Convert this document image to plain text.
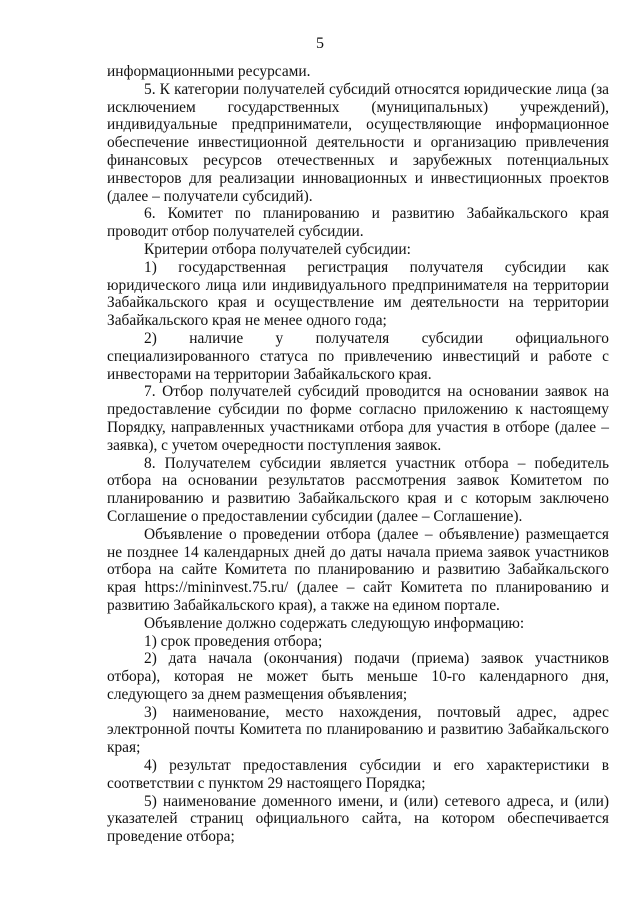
5

информационными ресурсами.

5. К категории получателей субсидий относятся юридические лица (за исключением государственных (муниципальных) учреждений), индивидуальные предприниматели, осуществляющие информационное обеспечение инвестиционной деятельности и организацию привлечения финансовых ресурсов отечественных и зарубежных потенциальных инвесторов для реализации инновационных и инвестиционных проектов (далее – получатели субсидий).

6. Комитет по планированию и развитию Забайкальского края проводит отбор получателей субсидии.

Критерии отбора получателей субсидии:

1) государственная регистрация получателя субсидии как юридического лица или индивидуального предпринимателя на территории Забайкальского края и осуществление им деятельности на территории Забайкальского края не менее одного года;

2) наличие у получателя субсидии официального специализированного статуса по привлечению инвестиций и работе с инвесторами на территории Забайкальского края.

7. Отбор получателей субсидий проводится на основании заявок на предоставление субсидии по форме согласно приложению к настоящему Порядку, направленных участниками отбора для участия в отборе (далее – заявка), с учетом очередности поступления заявок.

8. Получателем субсидии является участник отбора – победитель отбора на основании результатов рассмотрения заявок Комитетом по планированию и развитию Забайкальского края и с которым заключено Соглашение о предоставлении субсидии (далее – Соглашение).

Объявление о проведении отбора (далее – объявление) размещается не позднее 14 календарных дней до даты начала приема заявок участников отбора на сайте Комитета по планированию и развитию Забайкальского края https://mininvest.75.ru/ (далее – сайт Комитета по планированию и развитию Забайкальского края), а также на едином портале.

Объявление должно содержать следующую информацию:

1) срок проведения отбора;

2) дата начала (окончания) подачи (приема) заявок участников отбора), которая не может быть меньше 10-го календарного дня, следующего за днем размещения объявления;

3) наименование, место нахождения, почтовый адрес, адрес электронной почты Комитета по планированию и развитию Забайкальского края;

4) результат предоставления субсидии и его характеристики в соответствии с пунктом 29 настоящего Порядка;

5) наименование доменного имени, и (или) сетевого адреса, и (или) указателей страниц официального сайта, на котором обеспечивается проведение отбора;
